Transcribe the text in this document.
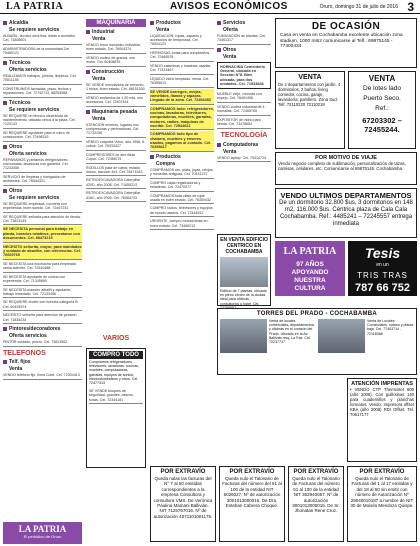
LA PATRIA	AVISOS ECONÓMICOS	Oruro, domingo 31 de julio de 2016 3
Alcaldía
Se requiere servicios
ALBAÑIL, técnico obra fina, letras a domicilio. Cel. 73808601
ADMINISTRADORA de la comunidad Cel. 75460121
Técnicos
Oferta servicios
REALIZAMOS trabajos, pintura, limpieza, Cel. 70811135
CONSTRUIMOS fachadas, pisos, techos y reparaciones. Cel. 72742713, 68253068
Técnicos
Se requiere servicios
SE REQUIERE un técnico electricista de mantenimiento, ubicado cerca a la plaza. Cel. 7120143
SE REQUIERE ayudante para el rubro de construcción. Cel. 72498315
Otros
Oferta servicios
REPARAMOS y pintamos refrigeradores, microondas, lavadoras con garantía. Cel. 71233456
SERVICIO de limpieza y fumigación de ambientes. Cel. 76544321
Otros
Se requiere servicios
SE REQUIERE empleada, cocinera con experiencia, buen sueldo. Cel. 72467231
SE REQUIERE señorita para atención de tienda. Cel. 73823145
SE NECESITA personal para trabajo en planta, horarios rotativos, presentarse con documentos. Cel. 68473215
NECESITO señorita, mayor, para mandados y cuidado de abuelita, con referencias. Cel. 76669765
SE NECESITA una muchacha para empleada cama adentro. Cel. 72510488
SE NECESITA ayudante de cocina con experiencia. Cel. 71345890
SE NECESITA maestro albañil y ayudante, trabajo inmediato. Cel. 72133456
SE REQUIERE chofer con licencia categoría B. Cel. 60425974
NECESITO señorita para atención de pensión. Cel. 71834234
Pintores/decoradores
Oferta servicios
PINTOR cuidado, pulcro. Cel. 73814562
TELEFONOS
Telf. fijos
Venta
VENDO teléfono fijo, línea Cotel. Cel. 72304413
LA PATRIA
El periódico de Oruro
MAQUINARIA
Industrial
Venta
VENDO torno mecánico industrial, buen estado. Cel. 76004374
VENDO molino de granos, con motor. Cel. 60408876
Construcción
Venta
SE VENDE mezcladora de cemento, 1 bolsa, buen estado. Cel. 68151530
VENDO andamios de 1,50 mts, con accesorios. Cel. 72407444
Maquinaria pesada
Venta
ATENCIÓN mineros, lugares con compresoras y perforadoras. Cel. 71733156
VENDO volqueta Volvo, año 1998, 6 cubos. Cel. 76333427
COMPRESORES de aire Atlas Copco. Cel. 72466721
RODILLOS pata de cabra, estado nuevo, tracción 4x4. Cel. 76471543
RETROEXCAVADORA Caterpillar 420D, año 2008. Cel. 71855213
RETROEXCAVADORA Caterpillar 416C, año 2005. Cel. 76064733
VARIOS
COMPRO TODO
Compramos refrigeradores, televisores, lavadoras, cocinas, muebles, computadoras, garrafas, equipos de sonido, electrodomésticos y otros. Cel. 72477313
SE VENDE bloques de seguridad, guantes, cascos, botas. Cel. 72344181
Productos
Venta
LIQUIDACIÓN, ropas, zapatos y accesorios de temporada. Cel. 76004123
HERMOSAS tortas para cumpleaños. Cel. 72465578
VENDO calaminas y maderas usadas. Cel. 77413467
LÍQUIDO vidrio templado, mesa. Cel. 76455513
SE VENDE borregos, ovejas, camélidos, llamas y alpacas. Llegado de la zona. Cel. 72454452
COMPRAMOS todo: refrigeradores, cocinas, lavadoras, televisores, computadoras, muebles, garrafas, motores, radios, máquinas de escribir. Cel. 72544621
COMPRAMOS todo tipo de chatarra, muebles y enseres usados, pagamos al contado. Cel. 76355417
Productos
Compra
COMPRAMOS oro, plata, joyas, relojes y monedas antiguas. Cel. 70431237
COMPRO cajas registradoras y heladeras. Cel. 72470077
COMPRAMOS toda clase de ropa usada en buen estado. Cel. 76300432
COMPRO radios, televisores y equipos de sonido usados. Cel. 72444512
URGENTE, compro motocicletas en buen estado. Cel. 73466213
Servicios
Oferta
FUMIGACIÓN de plantas. Cel. 73461317
Otros
Venta
HORNACINA Cementerio General, ubicada en Sección N°8. Bien ubicada, para dos unidades. Cel. 71533846
MUEBLE viejo, cómoda con espejo. Cel. 76401456
VENDO cocina industrial de 4 hornallas. Cel. 72465765
EXPOSITOR de vidrio para tienda. Cel. 73478654
TECNOLOGÍA
Computadoras
Venta
VENDO laptop. Cel. 79414723
EN VENTA EDIFICIO CENTRICO EN COCHABAMBA
Edificio de 7 plantas, ubicado en pleno centro de la ciudad, ideal para oficinas, consultorios u hotel. Cel. 72255557
DE OCASIÓN
Casa en venta en Cochabamba excelente ubicación zona stadium, 1000 mts2 comunicarse al Telf.: 69875145 - 77400434
VENTA
De 2 departamentos con jardín, 4 dormitorios, 2 baños, living comedor, cocina, garaje, lavandería, parrillero. Zona Sud. Telf. 72110220 72110218
VENTA
De lotes lado
Puerto Seco.
Ref.:
67203302 – 72455244.
POR MOTIVO DE VIAJE
Vendo negocio completo de sublimación, personalización de tazas, camisas, celulares, etc. Comunicarse al 69875145. Cochabamba.
VENDO ULTIMOS DEPARTAMENTOS
De un dormitorio 32.800 $us, 3 dormitorios en 148 m2, 116.000 $us. Céntrica plaza de Cala Cala Cochabamba. Ref.: 4485241 – 72245557 entrega inmediata
LA PATRIA
97 AÑOS
APOYANDO
NUESTRA
CULTURA
Tesis
en un
TRIS TRAS
787 66 752
TORRES DEL PRADO - COCHABAMBA
Venta de locales comerciales, departamentos y oficinas en el corazón del Prado. Ubicado en la Av. Ballivián esq. La Paz. Cel. 72237737
Venta de Locales Comerciales, sótano y planta baja. Cel. 77403714 - 72118388
ATENCIÓN IMPRENTAS
• VENDO CTP Thermoset 800 (año 2006). Con guillotinas 140 para cuadernillos y planchas formatos. Vendo. Impresora offset KBA (año 2008) RDI Offset. Tel. 70617177
POR EXTRAVÍO
Queda nulas las facturas del N° 7 al 50 emitidas correspondientes a la empresa Consultora y consultora VMS. De Verónica Paulina Mamani Ballivián. NIT 7125767016. Nº de autorización 4071101001175.
POR EXTRAVÍO
Queda nulo el Talonario de Facturas del número del 51 al 100 de la entidad NIT 5026027, Nº de autorización 3001013000016. De Dra. Esteban Cabrera Choque.
POR EXTRAVÍO
Queda nulo el Talonario de Facturas del número 51 al 100 de la entidad NIT 302940057. Nº de autorización 3001013000016. De Sr. Jhonatan Rene Cruz.
POR EXTRAVÍO
Queda nulo el Talonario de Facturas del 1 al 17 emitidas y del 18 al 50 sin emitir con número de Autorización Nº 29040010187 a nombre de NIT 30 de Moisés Mendoza Quispe.
